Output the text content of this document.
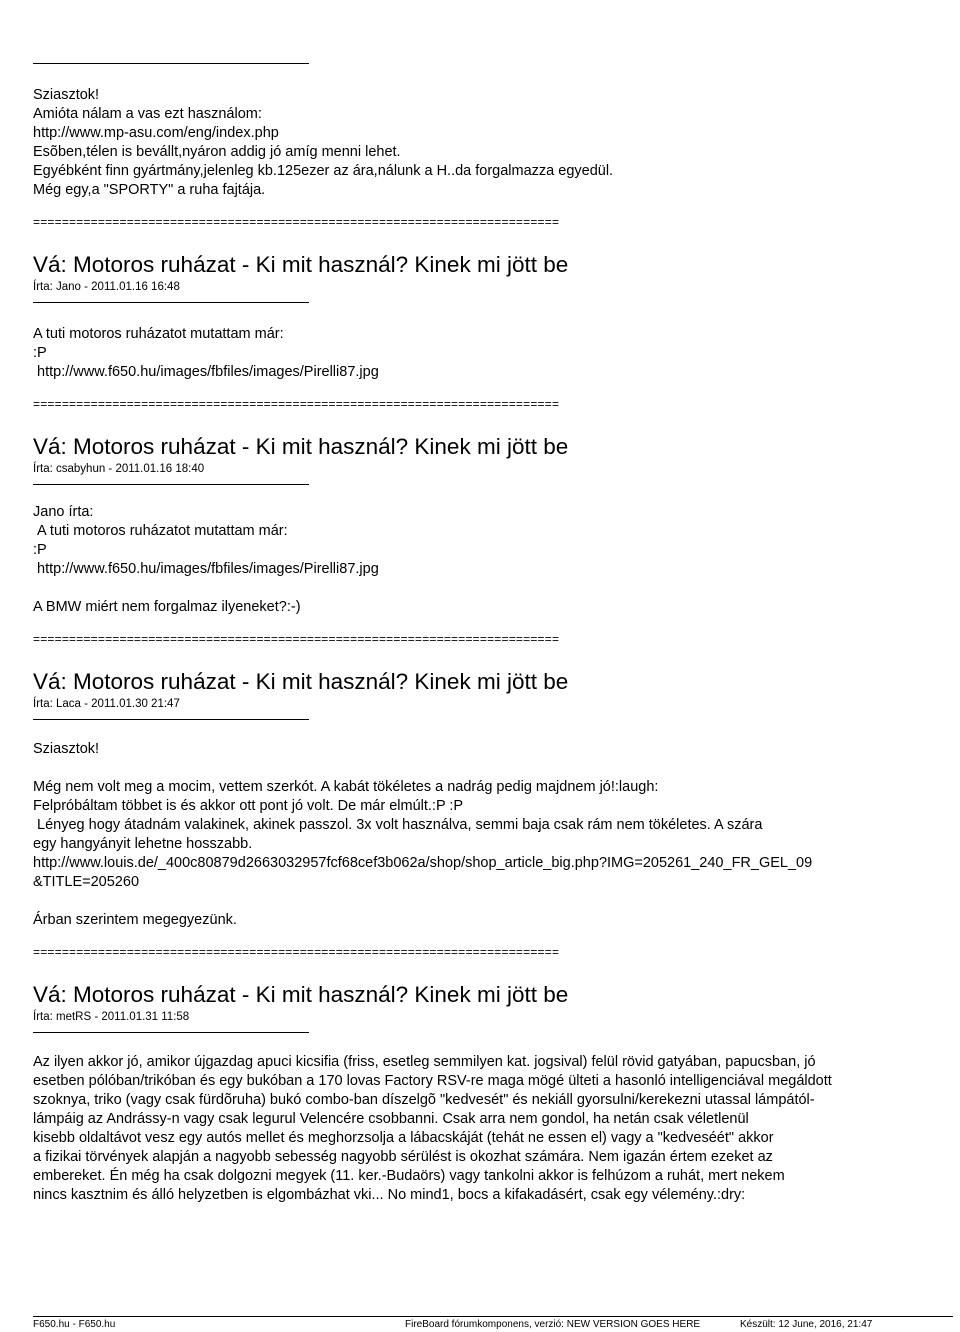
Sziasztok!
Amióta nálam a vas ezt használom:
http://www.mp-asu.com/eng/index.php
Esõben,télen is bevállt,nyáron addig jó amíg menni lehet.
Egyébként finn gyártmány,jelenleg kb.125ezer az ára,nálunk a H..da forgalmazza egyedül.
Még egy,a "SPORTY" a ruha fajtája.
=========================================================================
Vá: Motoros ruházat - Ki mit használ? Kinek mi jött be
Írta: Jano - 2011.01.16 16:48
A tuti motoros ruházatot mutattam már:
:P
http://www.f650.hu/images/fbfiles/images/Pirelli87.jpg
=========================================================================
Vá: Motoros ruházat - Ki mit használ? Kinek mi jött be
Írta: csabyhun - 2011.01.16 18:40
Jano írta:
A tuti motoros ruházatot mutattam már:
:P
http://www.f650.hu/images/fbfiles/images/Pirelli87.jpg

A BMW miért nem forgalmaz ilyeneket?:-)
=========================================================================
Vá: Motoros ruházat - Ki mit használ? Kinek mi jött be
Írta: Laca - 2011.01.30 21:47
Sziasztok!

Még nem volt meg a mocim, vettem szerkót. A kabát tökéletes a nadrág pedig majdnem jó!:laugh:
Felpróbáltam többet is és akkor ott pont jó volt. De már elmúlt.:P :P
Lényeg hogy átadnám valakinek, akinek passzol. 3x volt használva, semmi baja csak rám nem tökéletes. A szára
egy hangyányit lehetne hosszabb.
http://www.louis.de/_400c80879d2663032957fcf68cef3b062a/shop/shop_article_big.php?IMG=205261_240_FR_GEL_09
&TITLE=205260

Árban szerintem megegyezünk.
=========================================================================
Vá: Motoros ruházat - Ki mit használ? Kinek mi jött be
Írta: metRS - 2011.01.31 11:58
Az ilyen akkor jó, amikor újgazdag apuci kicsifia (friss, esetleg semmilyen kat. jogsival) felül rövid gatyában, papucsban, jó
esetben pólóban/trikóban és egy bukóban a 170 lovas Factory RSV-re maga mögé ülteti a hasonló intelligenciával megáldott
szoknya, triko (vagy csak fürdõruha) bukó combo-ban díszelgõ "kedvesét" és nekiáll gyorsulni/kerekezni utassal lámpától-
lámpáig az Andrássy-n vagy csak legurul Velencére csobbanni. Csak arra nem gondol, ha netán csak véletlenül
kisebb oldaltávot vesz egy autós mellet és meghorzsolja a lábacskáját (tehát ne essen el) vagy a "kedveséét" akkor
a fizikai törvények alapján a nagyobb sebesség nagyobb sérülést is okozhat számára. Nem igazán értem ezeket az
embereket. Én még ha csak dolgozni megyek (11. ker.-Budaörs) vagy tankolni akkor is felhúzom a ruhát, mert nekem
nincs kasztnim és álló helyzetben is elgombázhat vki... No mind1, bocs a kifakadásért, csak egy vélemény.:dry:
F650.hu - F650.hu	FireBoard fórumkomponens, verzió: NEW VERSION GOES HERE	Készült: 12 June, 2016, 21:47
